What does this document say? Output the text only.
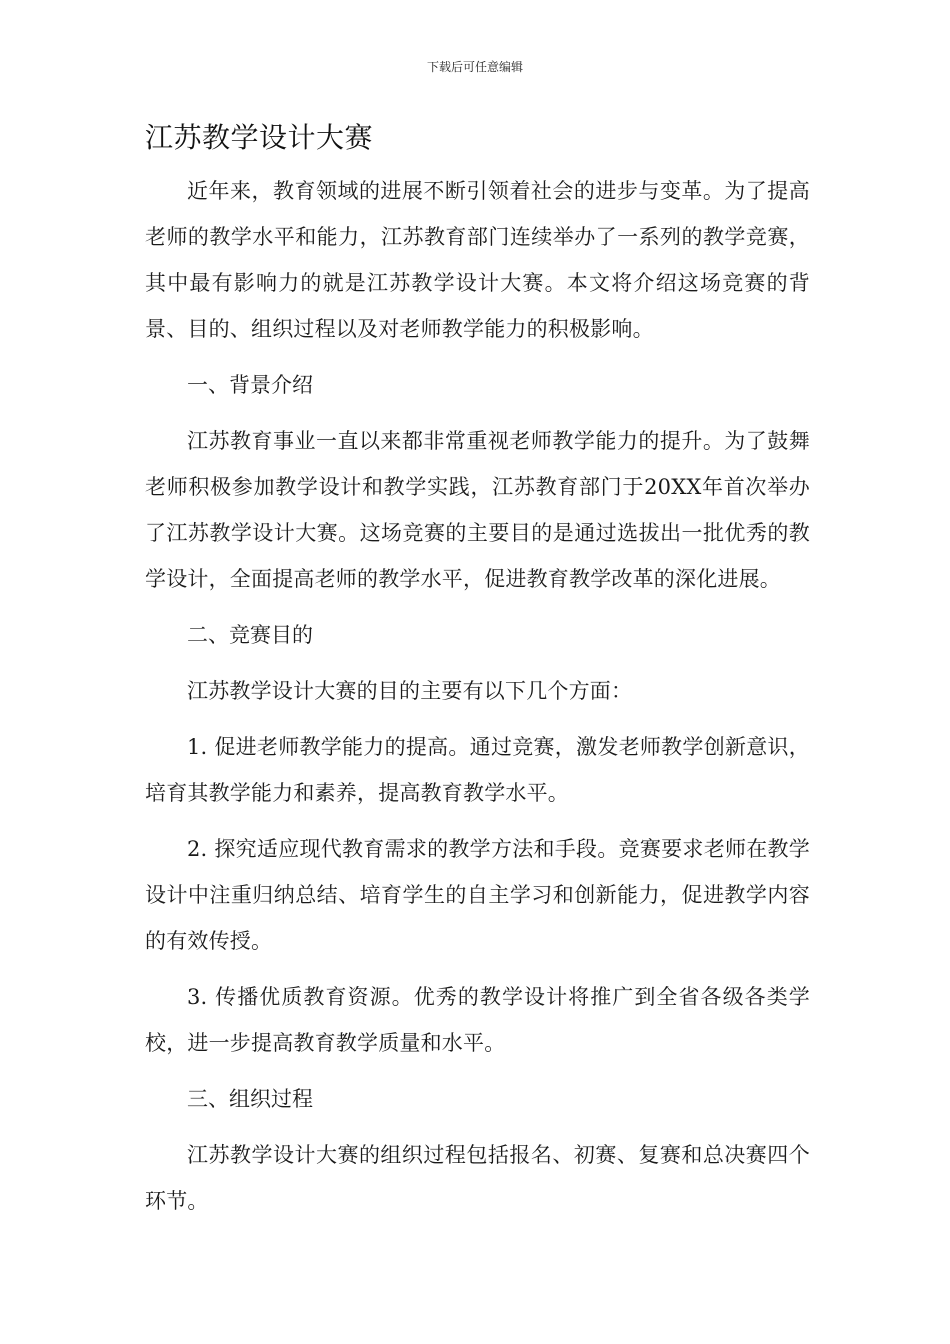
下载后可任意编辑
江苏教学设计大赛

近年来，教育领域的进展不断引领着社会的进步与变革。为了提高老师的教学水平和能力，江苏教育部门连续举办了一系列的教学竞赛，其中最有影响力的就是江苏教学设计大赛。本文将介绍这场竞赛的背景、目的、组织过程以及对老师教学能力的积极影响。

一、背景介绍

江苏教育事业一直以来都非常重视老师教学能力的提升。为了鼓舞老师积极参加教学设计和教学实践，江苏教育部门于20XX年首次举办了江苏教学设计大赛。这场竞赛的主要目的是通过选拔出一批优秀的教学设计，全面提高老师的教学水平，促进教育教学改革的深化进展。

二、竞赛目的

江苏教学设计大赛的目的主要有以下几个方面：

1. 促进老师教学能力的提高。通过竞赛，激发老师教学创新意识，培育其教学能力和素养，提高教育教学水平。

2. 探究适应现代教育需求的教学方法和手段。竞赛要求老师在教学设计中注重归纳总结、培育学生的自主学习和创新能力，促进教学内容的有效传授。

3. 传播优质教育资源。优秀的教学设计将推广到全省各级各类学校，进一步提高教育教学质量和水平。

三、组织过程

江苏教学设计大赛的组织过程包括报名、初赛、复赛和总决赛四个环节。
